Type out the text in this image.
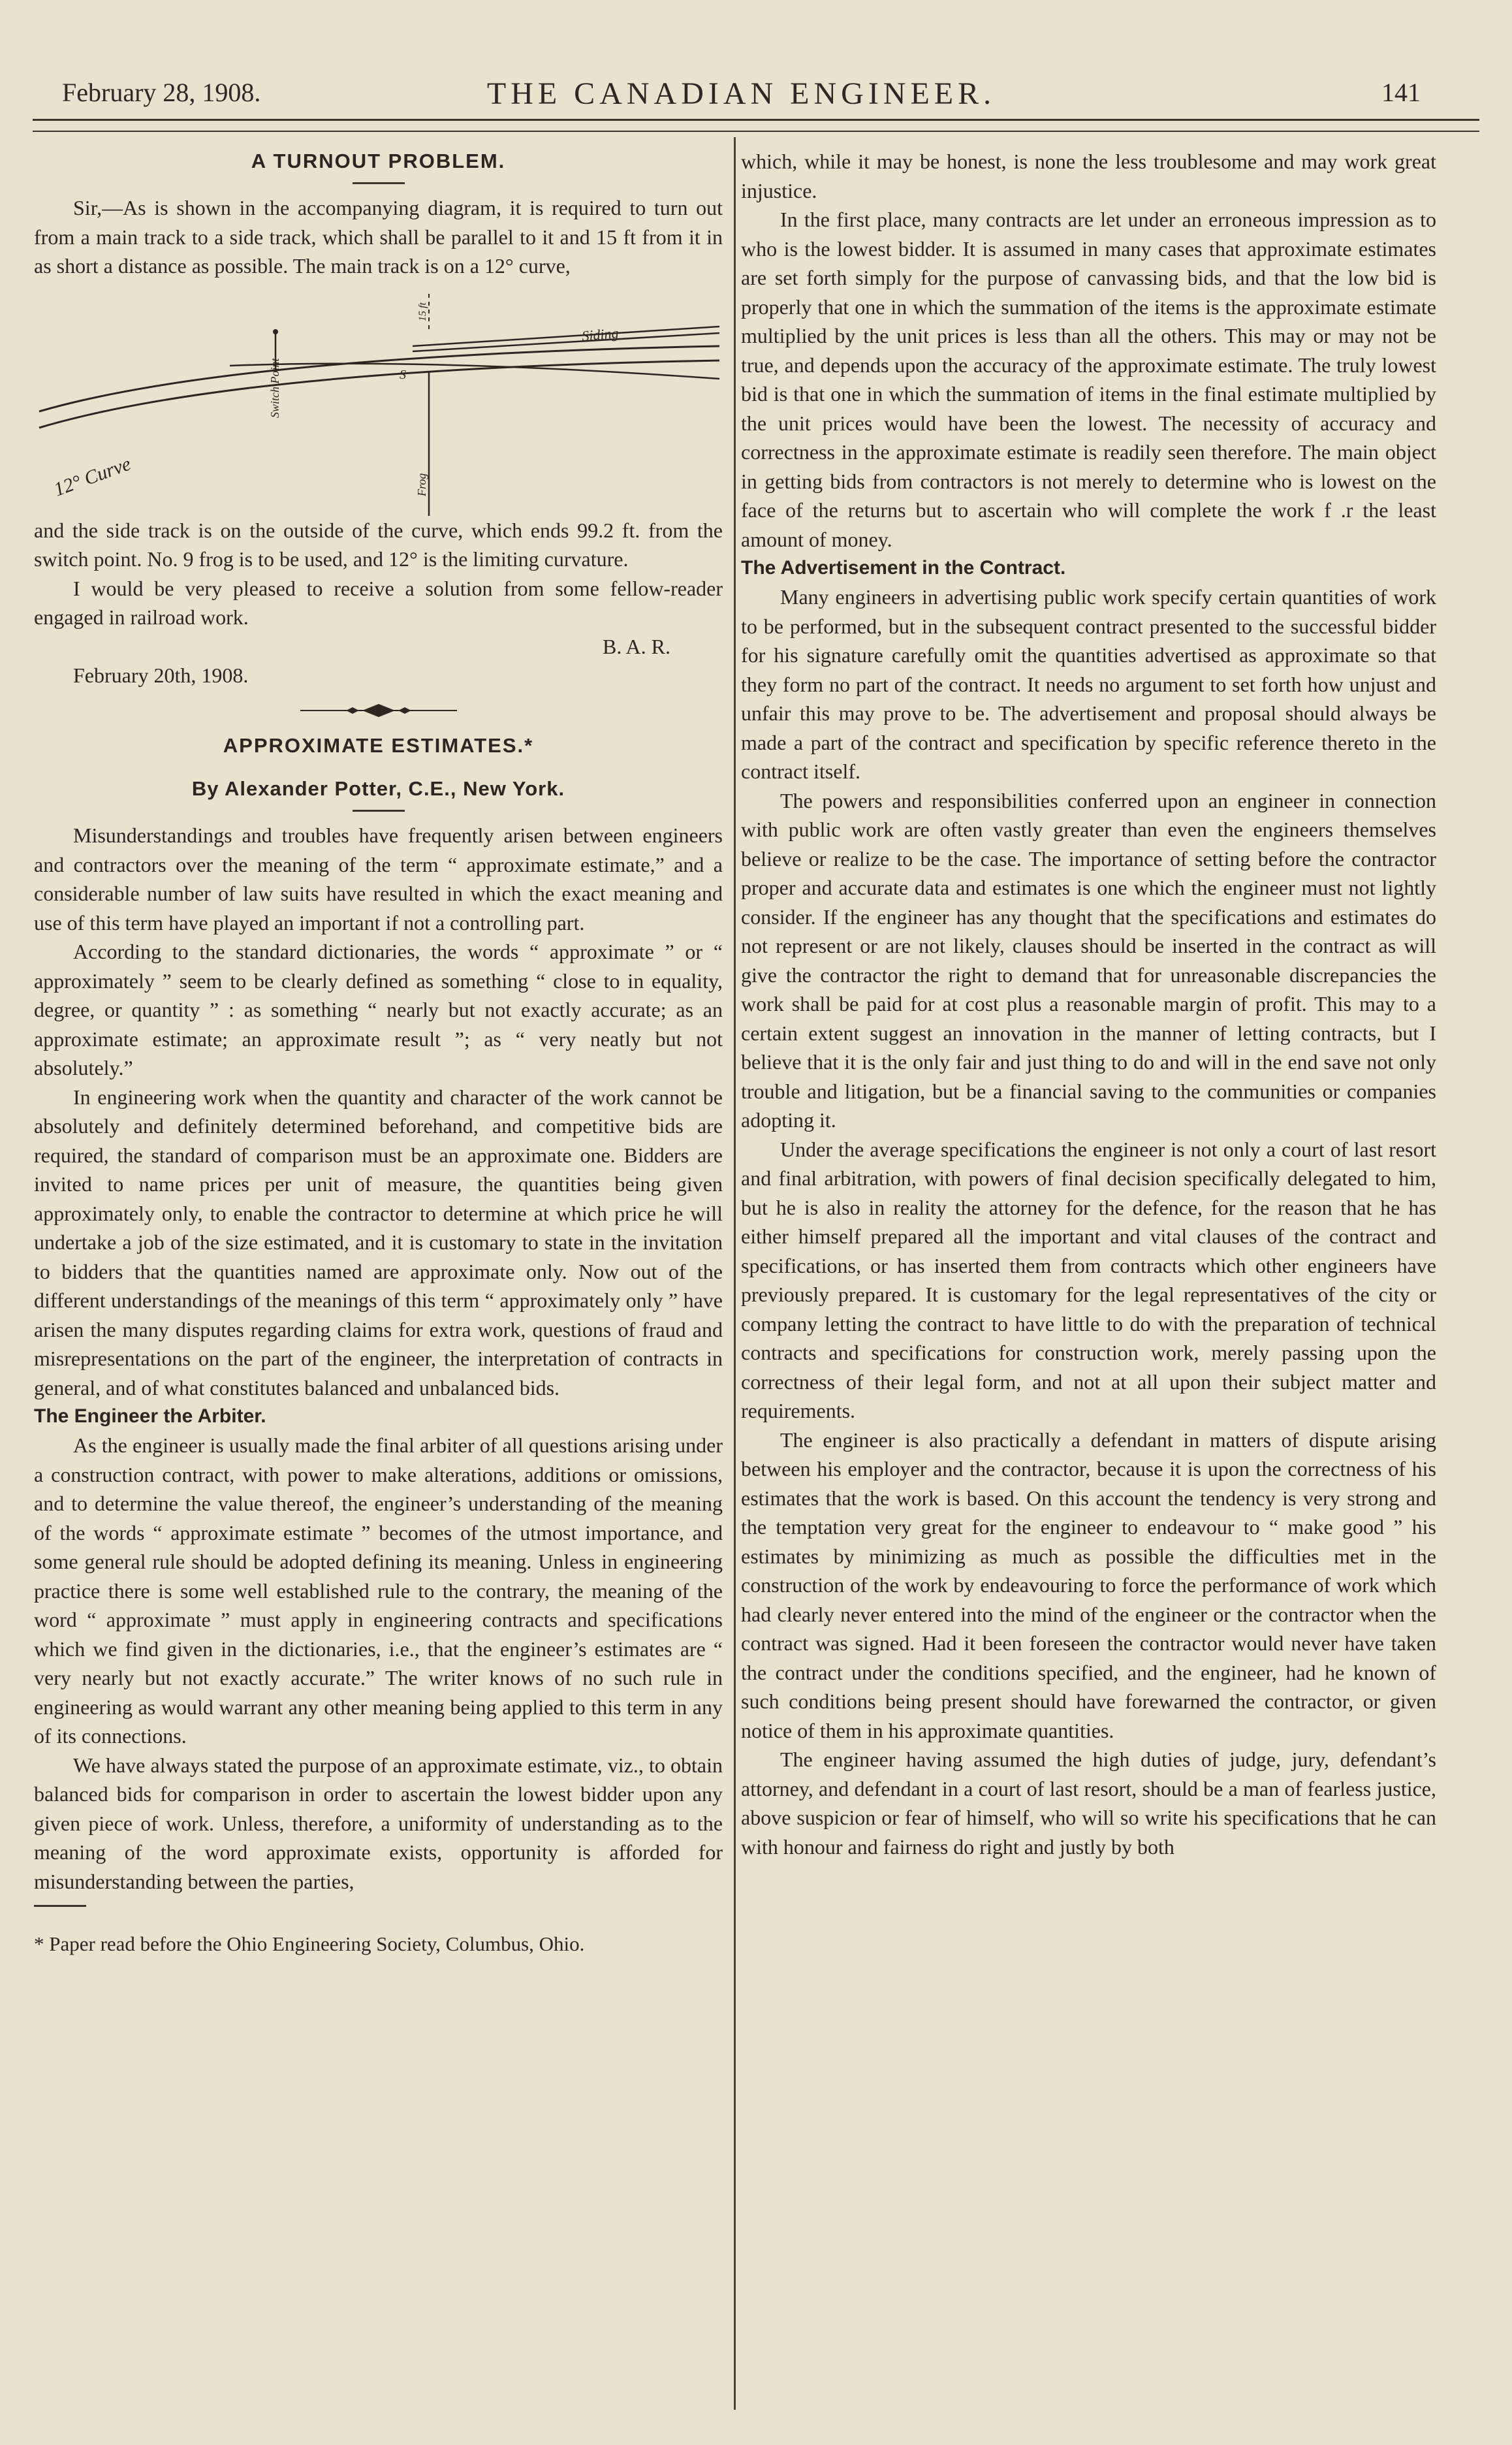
February 28, 1908.	THE CANADIAN ENGINEER.	141
A TURNOUT PROBLEM.

Sir,—As is shown in the accompanying diagram, it is required to turn out from a main track to a side track, which shall be parallel to it and 15 ft from it in as short a distance as possible. The main track is on a 12° curve,

Siding
12° Curve
Switch Point
Frog
S
15 ft

and the side track is on the outside of the curve, which ends 99.2 ft. from the switch point. No. 9 frog is to be used, and 12° is the limiting curvature.

I would be very pleased to receive a solution from some fellow-reader engaged in railroad work.

B. A. R.

February 20th, 1908.

APPROXIMATE ESTIMATES.*
By Alexander Potter, C.E., New York.

Misunderstandings and troubles have frequently arisen between engineers and contractors over the meaning of the term “ approximate estimate,” and a considerable number of law suits have resulted in which the exact meaning and use of this term have played an important if not a controlling part.

According to the standard dictionaries, the words “ approximate ” or “ approximately ” seem to be clearly defined as something “ close to in equality, degree, or quantity ” : as something “ nearly but not exactly accurate; as an approximate estimate; an approximate result ”; as “ very neatly but not absolutely.”

In engineering work when the quantity and character of the work cannot be absolutely and definitely determined beforehand, and competitive bids are required, the standard of comparison must be an approximate one. Bidders are invited to name prices per unit of measure, the quantities being given approximately only, to enable the contractor to determine at which price he will undertake a job of the size estimated, and it is customary to state in the invitation to bidders that the quantities named are approximate only. Now out of the different understandings of the meanings of this term “ approximately only ” have arisen the many disputes regarding claims for extra work, questions of fraud and misrepresentations on the part of the engineer, the interpretation of contracts in general, and of what constitutes balanced and unbalanced bids.

The Engineer the Arbiter.

As the engineer is usually made the final arbiter of all questions arising under a construction contract, with power to make alterations, additions or omissions, and to determine the value thereof, the engineer’s understanding of the meaning of the words “ approximate estimate ” becomes of the utmost importance, and some general rule should be adopted defining its meaning. Unless in engineering practice there is some well established rule to the contrary, the meaning of the word “ approximate ” must apply in engineering contracts and specifications which we find given in the dictionaries, i.e., that the engineer’s estimates are “ very nearly but not exactly accurate.” The writer knows of no such rule in engineering as would warrant any other meaning being applied to this term in any of its connections.

We have always stated the purpose of an approximate estimate, viz., to obtain balanced bids for comparison in order to ascertain the lowest bidder upon any given piece of work. Unless, therefore, a uniformity of understanding as to the meaning of the word approximate exists, opportunity is afforded for misunderstanding between the parties,

* Paper read before the Ohio Engineering Society, Columbus, Ohio.

which, while it may be honest, is none the less troublesome and may work great injustice.

In the first place, many contracts are let under an erroneous impression as to who is the lowest bidder. It is assumed in many cases that approximate estimates are set forth simply for the purpose of canvassing bids, and that the low bid is properly that one in which the summation of the items is the approximate estimate multiplied by the unit prices is less than all the others. This may or may not be true, and depends upon the accuracy of the approximate estimate. The truly lowest bid is that one in which the summation of items in the final estimate multiplied by the unit prices would have been the lowest. The necessity of accuracy and correctness in the approximate estimate is readily seen therefore. The main object in getting bids from contractors is not merely to determine who is lowest on the face of the returns but to ascertain who will complete the work f .r the least amount of money.

The Advertisement in the Contract.

Many engineers in advertising public work specify certain quantities of work to be performed, but in the subsequent contract presented to the successful bidder for his signature carefully omit the quantities advertised as approximate so that they form no part of the contract. It needs no argument to set forth how unjust and unfair this may prove to be. The advertisement and proposal should always be made a part of the contract and specification by specific reference thereto in the contract itself.

The powers and responsibilities conferred upon an engineer in connection with public work are often vastly greater than even the engineers themselves believe or realize to be the case. The importance of setting before the contractor proper and accurate data and estimates is one which the engineer must not lightly consider. If the engineer has any thought that the specifications and estimates do not represent or are not likely, clauses should be inserted in the contract as will give the contractor the right to demand that for unreasonable discrepancies the work shall be paid for at cost plus a reasonable margin of profit. This may to a certain extent suggest an innovation in the manner of letting contracts, but I believe that it is the only fair and just thing to do and will in the end save not only trouble and litigation, but be a financial saving to the communities or companies adopting it.

Under the average specifications the engineer is not only a court of last resort and final arbitration, with powers of final decision specifically delegated to him, but he is also in reality the attorney for the defence, for the reason that he has either himself prepared all the important and vital clauses of the contract and specifications, or has inserted them from contracts which other engineers have previously prepared. It is customary for the legal representatives of the city or company letting the contract to have little to do with the preparation of technical contracts and specifications for construction work, merely passing upon the correctness of their legal form, and not at all upon their subject matter and requirements.

The engineer is also practically a defendant in matters of dispute arising between his employer and the contractor, because it is upon the correctness of his estimates that the work is based. On this account the tendency is very strong and the temptation very great for the engineer to endeavour to “ make good ” his estimates by minimizing as much as possible the difficulties met in the construction of the work by endeavouring to force the performance of work which had clearly never entered into the mind of the engineer or the contractor when the contract was signed. Had it been foreseen the contractor would never have taken the contract under the conditions specified, and the engineer, had he known of such conditions being present should have forewarned the contractor, or given notice of them in his approximate quantities.

The engineer having assumed the high duties of judge, jury, defendant’s attorney, and defendant in a court of last resort, should be a man of fearless justice, above suspicion or fear of himself, who will so write his specifications that he can with honour and fairness do right and justly by both
